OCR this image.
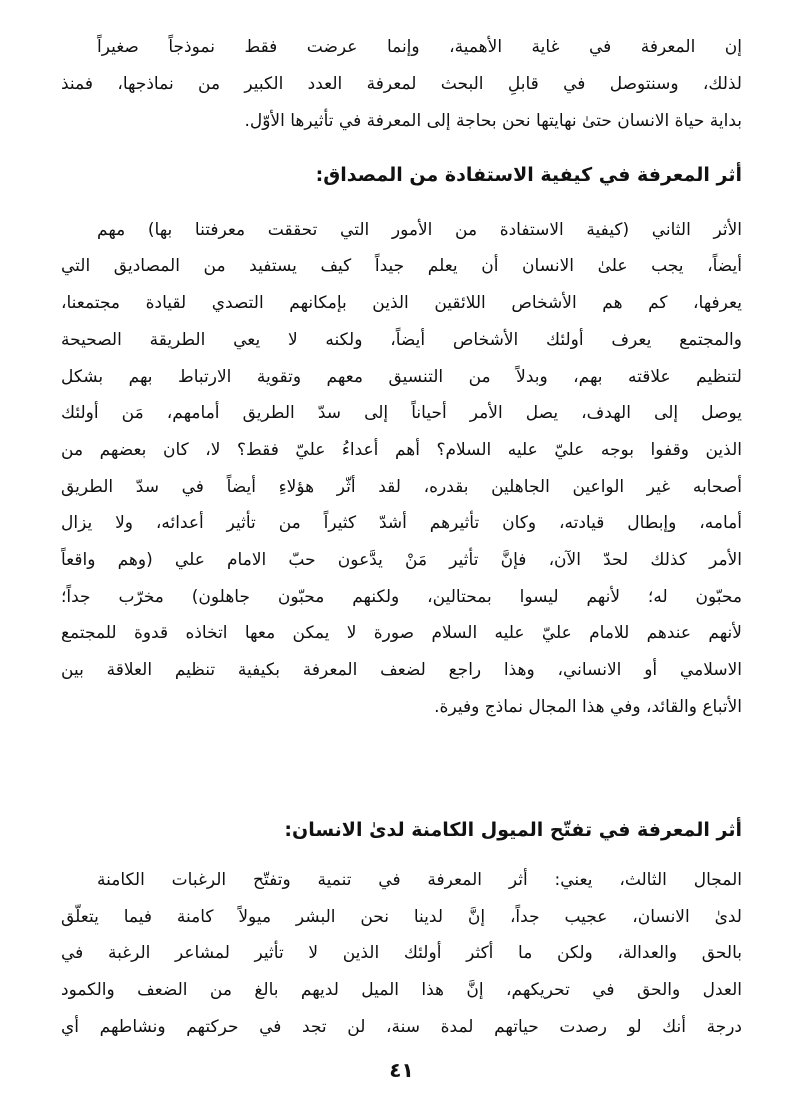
إن المعرفة في غاية الأهمية، وإنما عرضت فقط نموذجاً صغيراً
لذلك، وسنتوصل في قابلِ البحث لمعرفة العدد الكبير من نماذجها، فمنذ
بداية حياة الانسان حتىٰ نهايتها نحن بحاجة إلى المعرفة في تأثيرها الأوّل.
أثر المعرفة في كيفية الاستفادة من المصداق:
الأثر الثاني (كيفية الاستفادة من الأمور التي تحققت معرفتنا بها) مهم
أيضاً، يجب علىٰ الانسان أن يعلم جيداً كيف يستفيد من المصاديق التي
يعرفها، كم هم الأشخاص اللائقين الذين بإمكانهم التصدي لقيادة مجتمعنا،
والمجتمع يعرف أولئك الأشخاص أيضاً، ولكنه لا يعي الطريقة الصحيحة
لتنظيم علاقته بهم، وبدلاً من التنسيق معهم وتقوية الارتباط بهم بشكل
يوصل إلى الهدف، يصل الأمر أحياناً إلى سدّ الطريق أمامهم، مَن أولئك
الذين وقفوا بوجه عليّ عليه السلام؟ أهم أعداءُ عليّ فقط؟ لا، كان بعضهم من
أصحابه غير الواعين الجاهلين بقدره، لقد أثّر هؤلاءِ أيضاً في سدّ الطريق
أمامه، وإبطال قيادته، وكان تأثيرهم أشدّ كثيراً من تأثير أعدائه، ولا يزال
الأمر كذلك لحدّ الآن، فإنَّ تأثير مَنْ يدَّعون حبّ الامام علي (وهم واقعاً
محبّون له؛ لأنهم ليسوا بمحتالين، ولكنهم محبّون جاهلون) مخرّب جداً؛
لأنهم عندهم للامام عليّ عليه السلام صورة لا يمكن معها اتخاذه قدوة للمجتمع
الاسلامي أو الانساني، وهذا راجع لضعف المعرفة بكيفية تنظيم العلاقة بين
الأتباع والقائد، وفي هذا المجال نماذج وفيرة.
أثر المعرفة في تفتّح الميول الكامنة لدىٰ الانسان:
المجال الثالث، يعني: أثر المعرفة في تنمية وتفتّح الرغبات الكامنة
لدىٰ الانسان، عجيب جداً، إنَّ لدينا نحن البشر ميولاً كامنة فيما يتعلّق
بالحق والعدالة، ولكن ما أكثر أولئك الذين لا تأثير لمشاعر الرغبة في
العدل والحق في تحريكهم، إنَّ هذا الميل لديهم بالغ من الضعف والكمود
درجة أنك لو رصدت حياتهم لمدة سنة، لن تجد في حركتهم ونشاطهم أي
٤١
